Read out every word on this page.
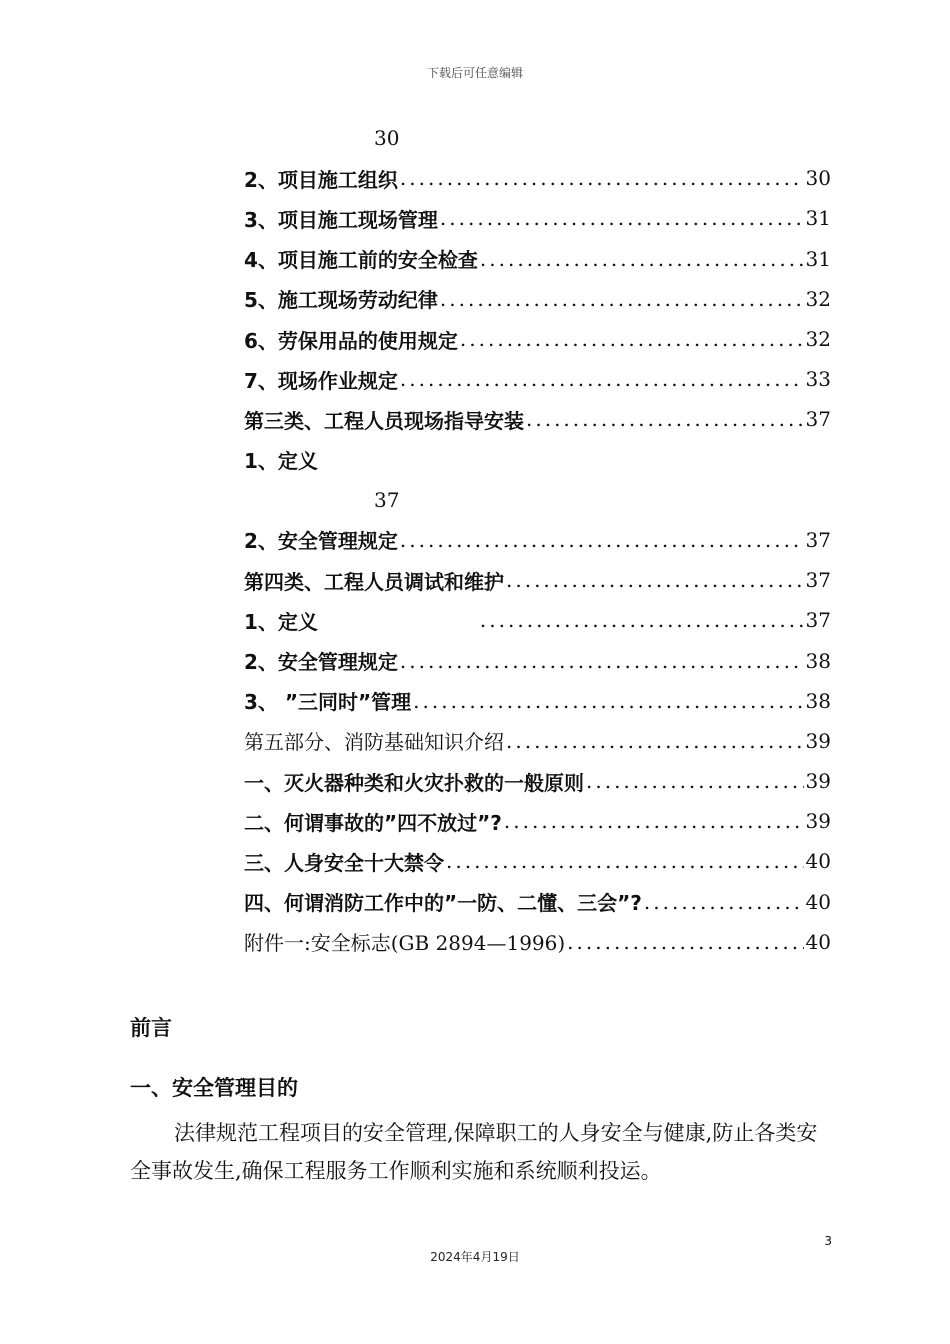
下载后可任意编辑
30
2、项目施工组织 .....	30
3、项目施工现场管理 .....	31
4、项目施工前的安全检查 .....	31
5、施工现场劳动纪律 .....	32
6、劳保用品的使用规定 .....	32
7、现场作业规定 .....	33
第三类、工程人员现场指导安装 .....	37
1、定义
37
2、安全管理规定 .....	37
第四类、工程人员调试和维护 .....	37
1、定义 .....	37
2、安全管理规定 .....	38
3、 ”三同时”管理 .....	38
第五部分、消防基础知识介绍 .....	39
一、灭火器种类和火灾扑救的一般原则 .....	39
二、何谓事故的”四不放过”? .....	39
三、人身安全十大禁令 .....	40
四、何谓消防工作中的”一防、二懂、三会”? .....	40
附件一:安全标志(GB 2894—1996) .....	40
前言
一、安全管理目的
法律规范工程项目的安全管理,保障职工的人身安全与健康,防止各类安全事故发生,确保工程服务工作顺利实施和系统顺利投运。
3
2024年4月19日
